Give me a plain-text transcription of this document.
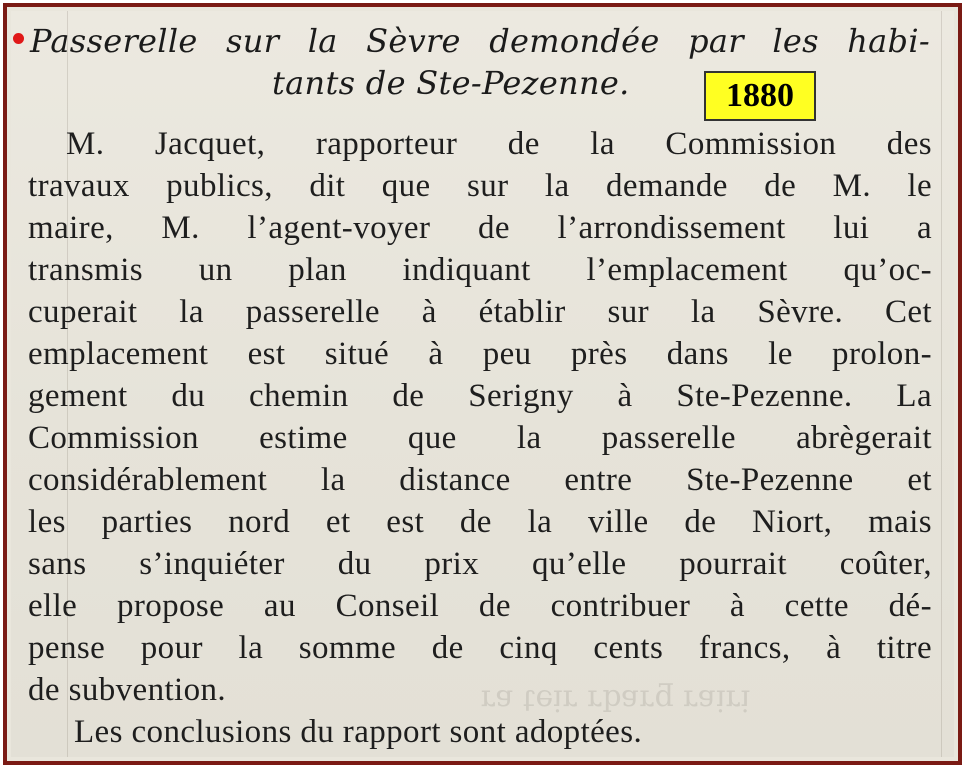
ᴉɹᴉɐɹ ƃɹɐqɹ ɹᴉǝʇ ɐɹ
Passerelle sur la Sèvre demondée par les habi-
tants de Ste-Pezenne.	1880
M. Jacquet, rapporteur de la Commission des
travaux publics, dit que sur la demande de M. le
maire, M. l’agent-voyer de l’arrondissement lui a
transmis un plan indiquant l’emplacement qu’oc-
cuperait la passerelle à établir sur la Sèvre. Cet
emplacement est situé à peu près dans le prolon-
gement du chemin de Serigny à Ste-Pezenne. La
Commission estime que la passerelle abrègerait
considérablement la distance entre Ste-Pezenne et
les parties nord et est de la ville de Niort, mais
sans s’inquiéter du prix qu’elle pourrait coûter,
elle propose au Conseil de contribuer à cette dé-
pense pour la somme de cinq cents francs, à titre
de subvention.
Les conclusions du rapport sont adoptées.
